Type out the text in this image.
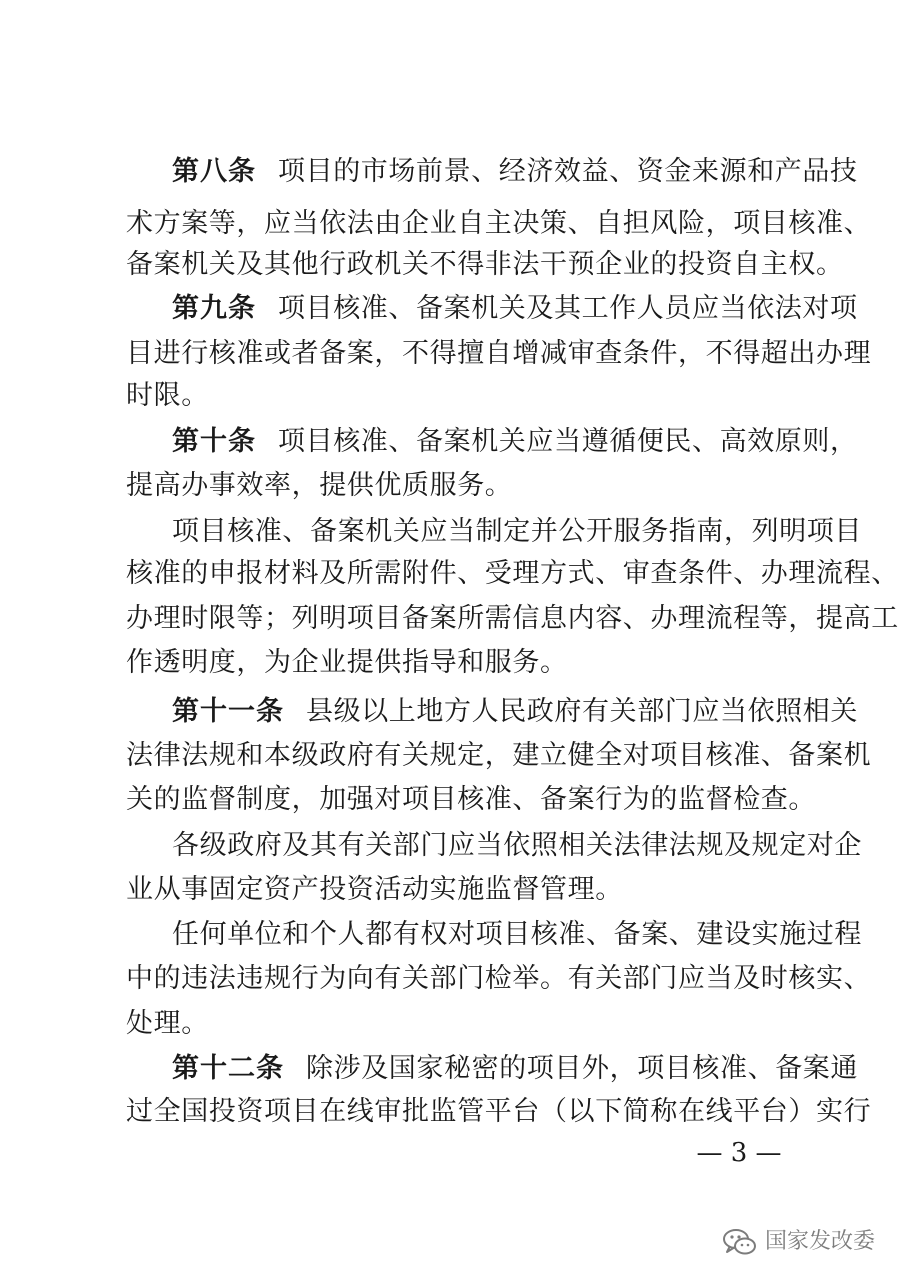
第八条 项目的市场前景、经济效益、资金来源和产品技
术方案等，应当依法由企业自主决策、自担风险，项目核准、
备案机关及其他行政机关不得非法干预企业的投资自主权。
第九条 项目核准、备案机关及其工作人员应当依法对项
目进行核准或者备案，不得擅自增减审查条件，不得超出办理
时限。
第十条 项目核准、备案机关应当遵循便民、高效原则，
提高办事效率，提供优质服务。
项目核准、备案机关应当制定并公开服务指南，列明项目
核准的申报材料及所需附件、受理方式、审查条件、办理流程、
办理时限等；列明项目备案所需信息内容、办理流程等，提高工
作透明度，为企业提供指导和服务。
第十一条 县级以上地方人民政府有关部门应当依照相关
法律法规和本级政府有关规定，建立健全对项目核准、备案机
关的监督制度，加强对项目核准、备案行为的监督检查。
各级政府及其有关部门应当依照相关法律法规及规定对企
业从事固定资产投资活动实施监督管理。
任何单位和个人都有权对项目核准、备案、建设实施过程
中的违法违规行为向有关部门检举。有关部门应当及时核实、
处理。
第十二条 除涉及国家秘密的项目外，项目核准、备案通
过全国投资项目在线审批监管平台（以下简称在线平台）实行
— 3 —
国家发改委
